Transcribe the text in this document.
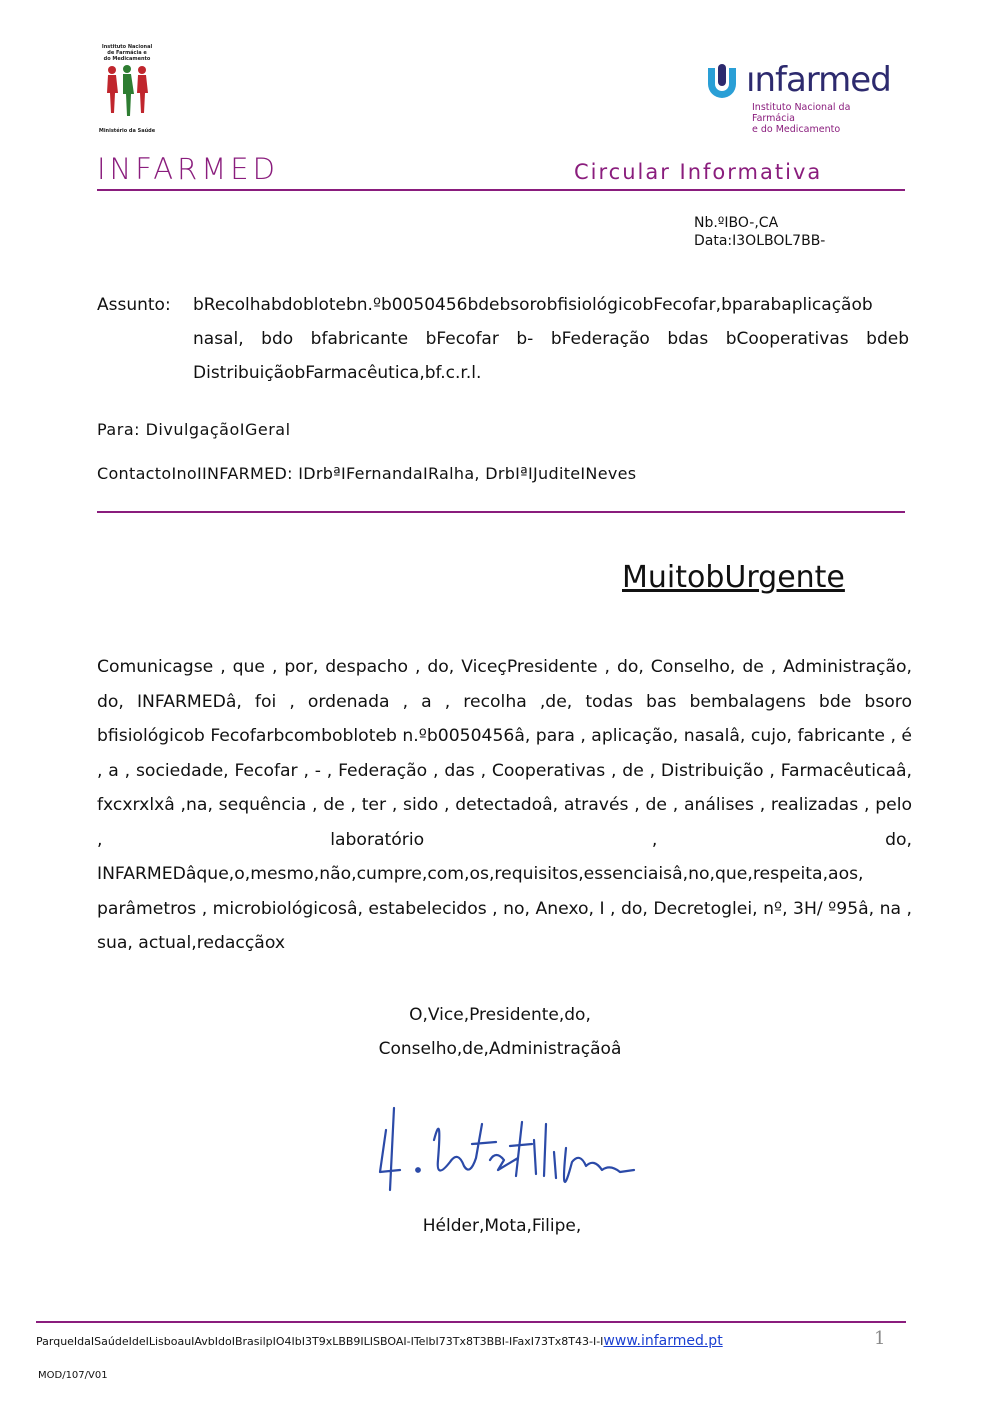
Instituto Nacional
de Farmácia e
do Medicamento
Ministério da Saúde
ınfarmed
Instituto Nacional da Farmácia
e do Medicamento
INFARMED	Circular Informativa
Nb.ºIBO-,CA
Data:I3OLBOL7BB-
Assunto: bRecolhabdoblotebn.ºb0050456bdebsorobfisiológicobFecofar,bparabaplicaçãob nasal, bdo bfabricante bFecofar b- bFederação bdas bCooperativas bdeb DistribuiçãobFarmacêutica,bf.c.r.l.
Para: DivulgaçãoIGeral
ContactoInoIINFARMED: IDrbªIFernandaIRalha, DrbIªIJuditeINeves
MuitobUrgente
Comunicagse , que , por, despacho , do, ViceçPresidente , do, Conselho, de , Administração, do, INFARMEDâ, foi , ordenada , a , recolha ,de, todas bas bembalagens bde bsoro bfisiológicob Fecofarbcombobloteb n.ºb0050456â, para , aplicação, nasalâ, cujo, fabricante , é , a , sociedade, Fecofar , - , Federação , das , Cooperativas , de , Distribuição , Farmacêuticaâ, fxcxrxlxâ ,na, sequência , de , ter , sido , detectadoâ, através , de , análises , realizadas , pelo , laboratório , do, INFARMEDâque,o,mesmo,não,cumpre,com,os,requisitos,essenciaisâ,no,que,respeita,aos, parâmetros , microbiológicosâ, estabelecidos , no, Anexo, I , do, Decretoglei, nº, 3H/ º95â, na , sua, actual,redacçãox
O,Vice,Presidente,do,
Conselho,de,Administraçãoâ
Hélder,Mota,Filipe,
ParqueIdaISaúdeIdeILisboauIAvbIdoIBrasilpIO4IbI3T9xLBB9ILISBOAI-ITelbI73Tx8T3BBI-IFaxI73Tx8T43-I-Iwww.infarmed.pt	1
MOD/107/V01
